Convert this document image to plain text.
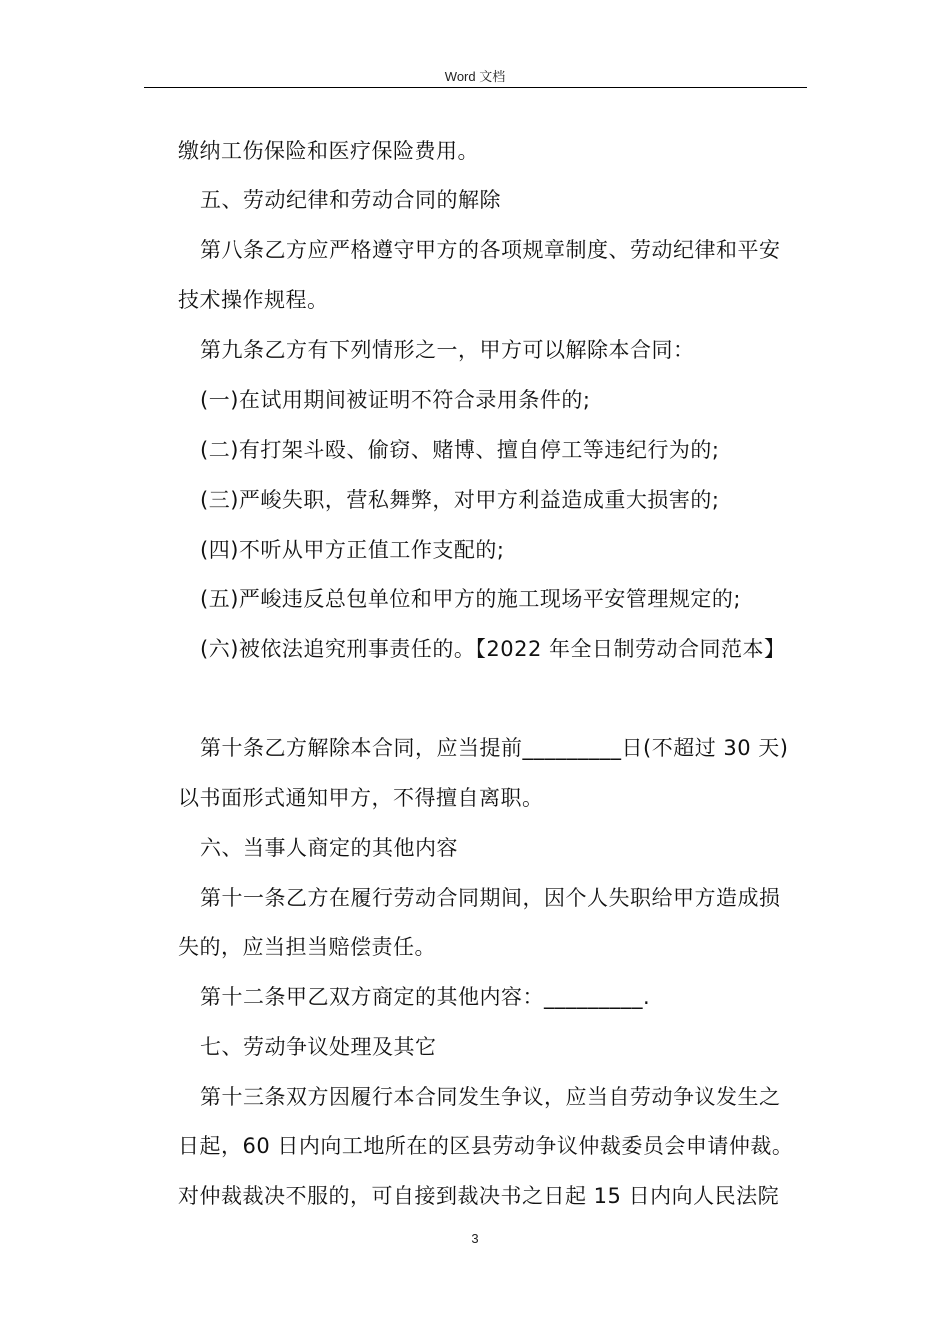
Word 文档
缴纳工伤保险和医疗保险费用。
五、劳动纪律和劳动合同的解除
第八条乙方应严格遵守甲方的各项规章制度、劳动纪律和平安
技术操作规程。
第九条乙方有下列情形之一，甲方可以解除本合同：
(一)在试用期间被证明不符合录用条件的;
(二)有打架斗殴、偷窃、赌博、擅自停工等违纪行为的;
(三)严峻失职，营私舞弊，对甲方利益造成重大损害的;
(四)不听从甲方正值工作支配的;
(五)严峻违反总包单位和甲方的施工现场平安管理规定的;
(六)被依法追究刑事责任的。【2022 年全日制劳动合同范本】
第十条乙方解除本合同，应当提前_________日(不超过 30 天)
以书面形式通知甲方，不得擅自离职。
六、当事人商定的其他内容
第十一条乙方在履行劳动合同期间，因个人失职给甲方造成损
失的，应当担当赔偿责任。
第十二条甲乙双方商定的其他内容：_________.
七、劳动争议处理及其它
第十三条双方因履行本合同发生争议，应当自劳动争议发生之
日起，60 日内向工地所在的区县劳动争议仲裁委员会申请仲裁。
对仲裁裁决不服的，可自接到裁决书之日起 15 日内向人民法院
3
